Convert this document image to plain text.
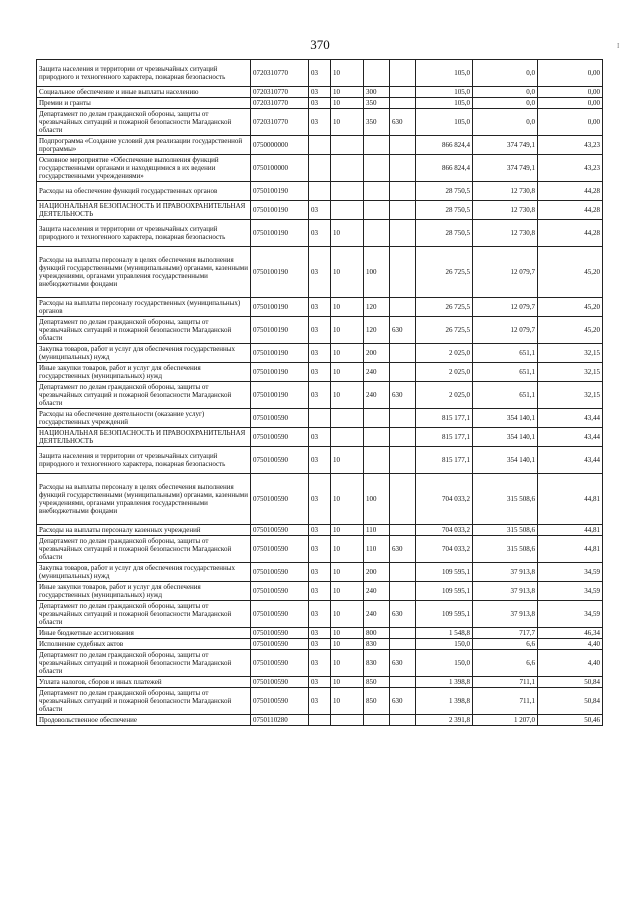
370	I
Защита населения и территории от чрезвычайных ситуаций природного и техногенного характера, пожарная безопасность	0720310770	03	10			105,0	0,0	0,00
Социальное обеспечение и иные выплаты населению	0720310770	03	10	300		105,0	0,0	0,00
Премии и гранты	0720310770	03	10	350		105,0	0,0	0,00
Департамент по делам гражданской обороны, защиты от чрезвычайных ситуаций и пожарной безопасности Магаданской области	0720310770	03	10	350	630	105,0	0,0	0,00
Подпрограмма «Создание условий для реализации государственной программы»	0750000000					866 824,4	374 749,1	43,23
Основное мероприятие «Обеспечение выполнения функций государственными органами и находящимися в их ведении государственными учреждениями»	0750100000					866 824,4	374 749,1	43,23
Расходы на обеспечение функций государственных органов	0750100190					28 750,5	12 730,8	44,28
НАЦИОНАЛЬНАЯ БЕЗОПАСНОСТЬ И ПРАВООХРАНИТЕЛЬНАЯ ДЕЯТЕЛЬНОСТЬ	0750100190	03				28 750,5	12 730,8	44,28
Защита населения и территории от чрезвычайных ситуаций природного и техногенного характера, пожарная безопасность	0750100190	03	10			28 750,5	12 730,8	44,28
Расходы на выплаты персоналу в целях обеспечения выполнения функций государственными (муниципальными) органами, казенными учреждениями, органами управления государственными внебюджетными фондами	0750100190	03	10	100		26 725,5	12 079,7	45,20
Расходы на выплаты персоналу государственных (муниципальных) органов	0750100190	03	10	120		26 725,5	12 079,7	45,20
Департамент по делам гражданской обороны, защиты от чрезвычайных ситуаций и пожарной безопасности Магаданской области	0750100190	03	10	120	630	26 725,5	12 079,7	45,20
Закупка товаров, работ и услуг для обеспечения государственных (муниципальных) нужд	0750100190	03	10	200		2 025,0	651,1	32,15
Иные закупки товаров, работ и услуг для обеспечения государственных (муниципальных) нужд	0750100190	03	10	240		2 025,0	651,1	32,15
Департамент по делам гражданской обороны, защиты от чрезвычайных ситуаций и пожарной безопасности Магаданской области	0750100190	03	10	240	630	2 025,0	651,1	32,15
Расходы на обеспечение деятельности (оказание услуг) государственных учреждений	0750100590					815 177,1	354 140,1	43,44
НАЦИОНАЛЬНАЯ БЕЗОПАСНОСТЬ И ПРАВООХРАНИТЕЛЬНАЯ ДЕЯТЕЛЬНОСТЬ	0750100590	03				815 177,1	354 140,1	43,44
Защита населения и территории от чрезвычайных ситуаций природного и техногенного характера, пожарная безопасность	0750100590	03	10			815 177,1	354 140,1	43,44
Расходы на выплаты персоналу в целях обеспечения выполнения функций государственными (муниципальными) органами, казенными учреждениями, органами управления государственными внебюджетными фондами	0750100590	03	10	100		704 033,2	315 508,6	44,81
Расходы на выплаты персоналу казенных учреждений	0750100590	03	10	110		704 033,2	315 508,6	44,81
Департамент по делам гражданской обороны, защиты от чрезвычайных ситуаций и пожарной безопасности Магаданской области	0750100590	03	10	110	630	704 033,2	315 508,6	44,81
Закупка товаров, работ и услуг для обеспечения государственных (муниципальных) нужд	0750100590	03	10	200		109 595,1	37 913,8	34,59
Иные закупки товаров, работ и услуг для обеспечения государственных (муниципальных) нужд	0750100590	03	10	240		109 595,1	37 913,8	34,59
Департамент по делам гражданской обороны, защиты от чрезвычайных ситуаций и пожарной безопасности Магаданской области	0750100590	03	10	240	630	109 595,1	37 913,8	34,59
Иные бюджетные ассигнования	0750100590	03	10	800		1 548,8	717,7	46,34
Исполнение судебных актов	0750100590	03	10	830		150,0	6,6	4,40
Департамент по делам гражданской обороны, защиты от чрезвычайных ситуаций и пожарной безопасности Магаданской области	0750100590	03	10	830	630	150,0	6,6	4,40
Уплата налогов, сборов и иных платежей	0750100590	03	10	850		1 398,8	711,1	50,84
Департамент по делам гражданской обороны, защиты от чрезвычайных ситуаций и пожарной безопасности Магаданской области	0750100590	03	10	850	630	1 398,8	711,1	50,84
Продовольственное обеспечение	0750110280					2 391,8	1 207,0	50,46
